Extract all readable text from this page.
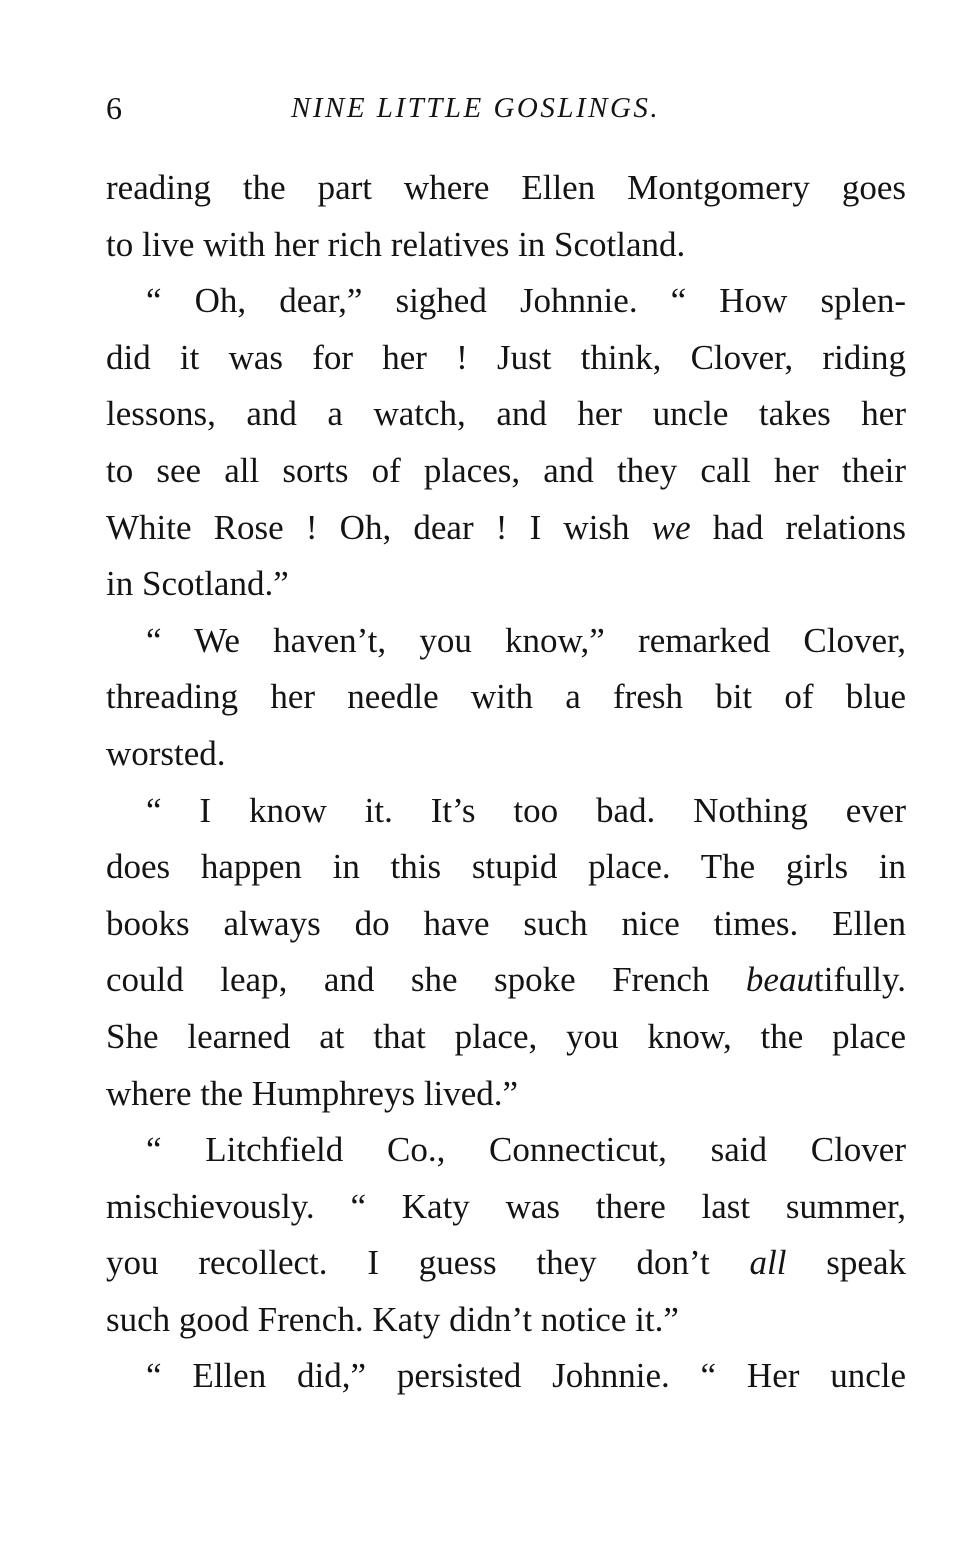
6	NINE LITTLE GOSLINGS.
reading the part where Ellen Montgomery goes
to live with her rich relatives in Scotland.
“ Oh, dear,” sighed Johnnie. “ How splen-
did it was for her ! Just think, Clover, riding
lessons, and a watch, and her uncle takes her
to see all sorts of places, and they call her their
White Rose ! Oh, dear ! I wish we had relations
in Scotland.”
“ We haven’t, you know,” remarked Clover,
threading her needle with a fresh bit of blue
worsted.
“ I know it. It’s too bad. Nothing ever
does happen in this stupid place. The girls in
books always do have such nice times. Ellen
could leap, and she spoke French beautifully.
She learned at that place, you know, the place
where the Humphreys lived.”
“ Litchfield Co., Connecticut, said Clover
mischievously. “ Katy was there last summer,
you recollect. I guess they don’t all speak
such good French. Katy didn’t notice it.”
“ Ellen did,” persisted Johnnie. “ Her uncle
